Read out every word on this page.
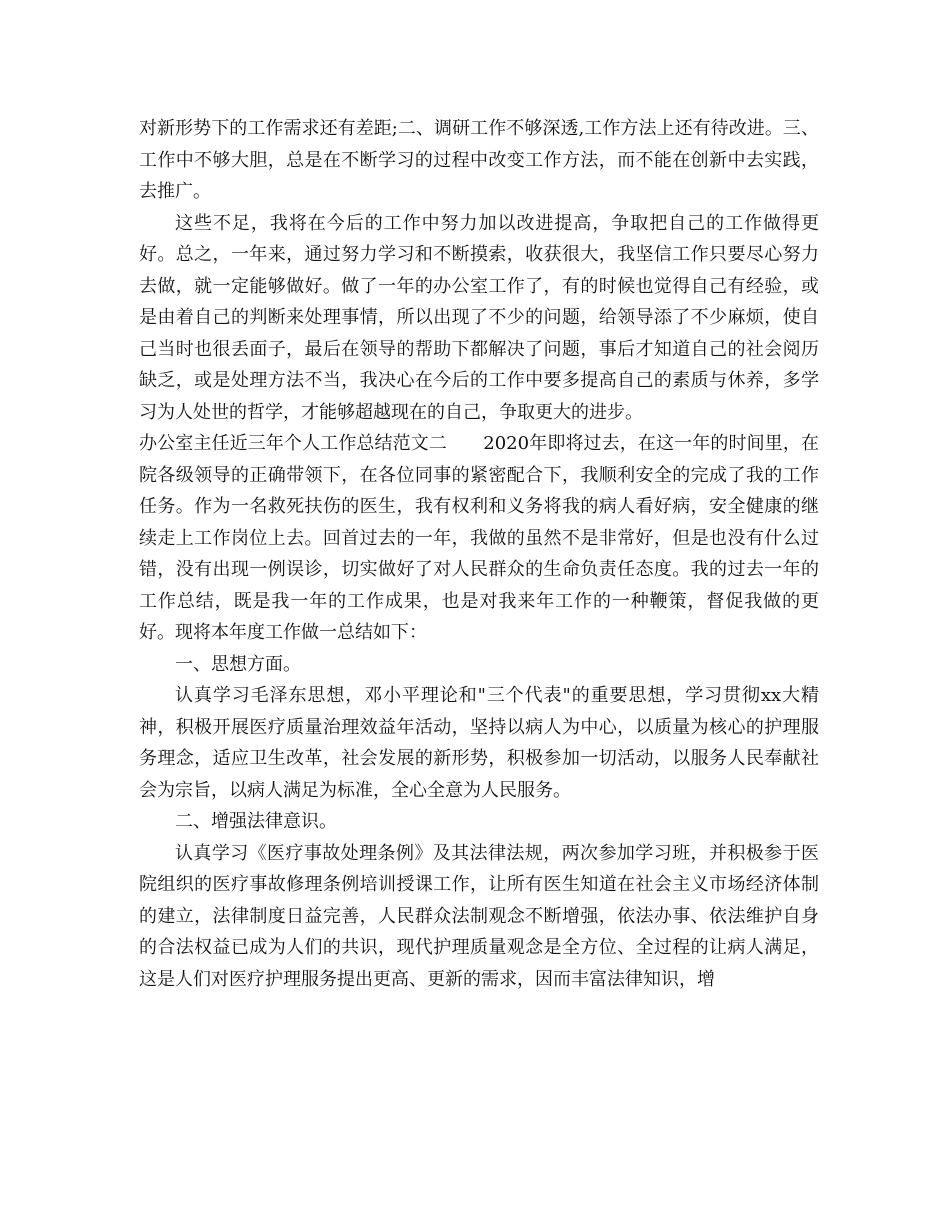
对新形势下的工作需求还有差距;二、调研工作不够深透,工作方法上还有待改进。三、工作中不够大胆，总是在不断学习的过程中改变工作方法，而不能在创新中去实践，去推广。

这些不足，我将在今后的工作中努力加以改进提高，争取把自己的工作做得更好。总之，一年来，通过努力学习和不断摸索，收获很大，我坚信工作只要尽心努力去做，就一定能够做好。做了一年的办公室工作了，有的时候也觉得自己有经验，或是由着自己的判断来处理事情，所以出现了不少的问题，给领导添了不少麻烦，使自己当时也很丢面子，最后在领导的帮助下都解决了问题，事后才知道自己的社会阅历缺乏，或是处理方法不当，我决心在今后的工作中要多提高自己的素质与休养，多学习为人处世的哲学，才能够超越现在的自己，争取更大的进步。

办公室主任近三年个人工作总结范文二　　2020年即将过去，在这一年的时间里，在院各级领导的正确带领下，在各位同事的紧密配合下，我顺利安全的完成了我的工作任务。作为一名救死扶伤的医生，我有权利和义务将我的病人看好病，安全健康的继续走上工作岗位上去。回首过去的一年，我做的虽然不是非常好，但是也没有什么过错，没有出现一例误诊，切实做好了对人民群众的生命负责任态度。我的过去一年的工作总结，既是我一年的工作成果，也是对我来年工作的一种鞭策，督促我做的更好。现将本年度工作做一总结如下：

一、思想方面。

认真学习毛泽东思想，邓小平理论和"三个代表"的重要思想，学习贯彻xx大精神，积极开展医疗质量治理效益年活动，坚持以病人为中心，以质量为核心的护理服务理念，适应卫生改革，社会发展的新形势，积极参加一切活动，以服务人民奉献社会为宗旨，以病人满足为标准，全心全意为人民服务。

二、增强法律意识。

认真学习《医疗事故处理条例》及其法律法规，两次参加学习班，并积极参于医院组织的医疗事故修理条例培训授课工作，让所有医生知道在社会主义市场经济体制的建立，法律制度日益完善，人民群众法制观念不断增强，依法办事、依法维护自身的合法权益已成为人们的共识，现代护理质量观念是全方位、全过程的让病人满足，这是人们对医疗护理服务提出更高、更新的需求，因而丰富法律知识，增
